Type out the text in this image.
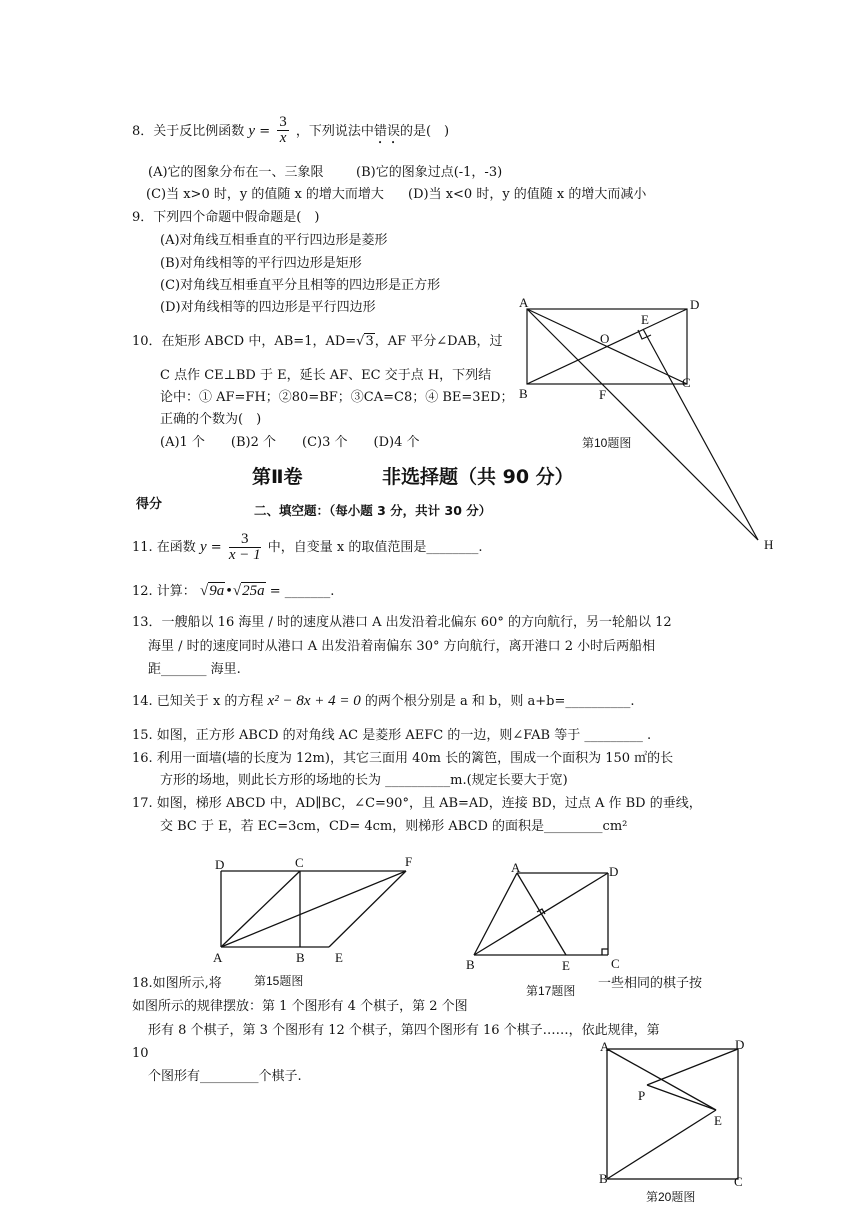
8．关于反比例函数 $y = \frac{3}{x}$ ，下列说法中错误的是(　)
(A)它的图象分布在一、三象限 (B)它的图象过点(-1，-3)
(C)当 x>0 时，y 的值随 x 的增大而增大 (D)当 x<0 时，y 的值随 x 的增大而减小
9．下列四个命题中假命题是(　)
(A)对角线互相垂直的平行四边形是菱形
(B)对角线相等的平行四边形是矩形
(C)对角线互相垂直平分且相等的四边形是正方形
(D)对角线相等的四边形是平行四边形
10．在矩形 ABCD 中，AB=1，AD=√3，AF 平分∠DAB，过
C 点作 CE⊥BD 于 E，延长 AF、EC 交于点 H，下列结
论中：① AF=FH；②80=BF；③CA=C8；④ BE=3ED；
正确的个数为(　)
(A)1 个　　(B)2 个　　(C)3 个　　(D)4 个
A	D
E
O
B	F
C
H
第10题图
第Ⅱ卷	非选择题（共 90 分）
得分	二、填空题：（每小题 3 分，共计 30 分）
11. 在函数 $y = \frac{3}{x - 1}$ 中，自变量 x 的取值范围是________.
12. 计算： √9a•√25a = _______.
13．一艘船以 16 海里 / 时的速度从港口 A 出发沿着北偏东 60° 的方向航行，另一轮船以 12
海里 / 时的速度同时从港口 A 出发沿着南偏东 30° 方向航行，离开港口 2 小时后两船相
距_______ 海里.
14. 已知关于 x 的方程 x² − 8x + 4 = 0 的两个根分别是 a 和 b，则 a+b=__________.
15. 如图，正方形 ABCD 的对角线 AC 是菱形 AEFC 的一边，则∠FAB 等于 _________ .
16. 利用一面墙(墙的长度为 12m)，其它三面用 40m 长的篱笆，围成一个面积为 150 ㎡的长
方形的场地，则此长方形的场地的长为 __________m.(规定长要大于宽)
17. 如图，梯形 ABCD 中，AD∥BC，∠C=90°，且 AB=AD，连接 BD，过点 A 作 BD 的垂线，
交 BC 于 E，若 EC=3cm，CD= 4cm，则梯形 ABCD 的面积是_________cm²
D	C	F
A	B E
第15题图
A	D
B	E	C
第17题图
18.如图所示,将	一些相同的棋子按
如图所示的规律摆放：第 1 个图形有 4 个棋子，第 2 个图
形有 8 个棋子，第 3 个图形有 12 个棋子，第四个图形有 16 个棋子……，依此规律，第
10
个图形有_________个棋子.
A	D
P
E
B	C
第20题图
